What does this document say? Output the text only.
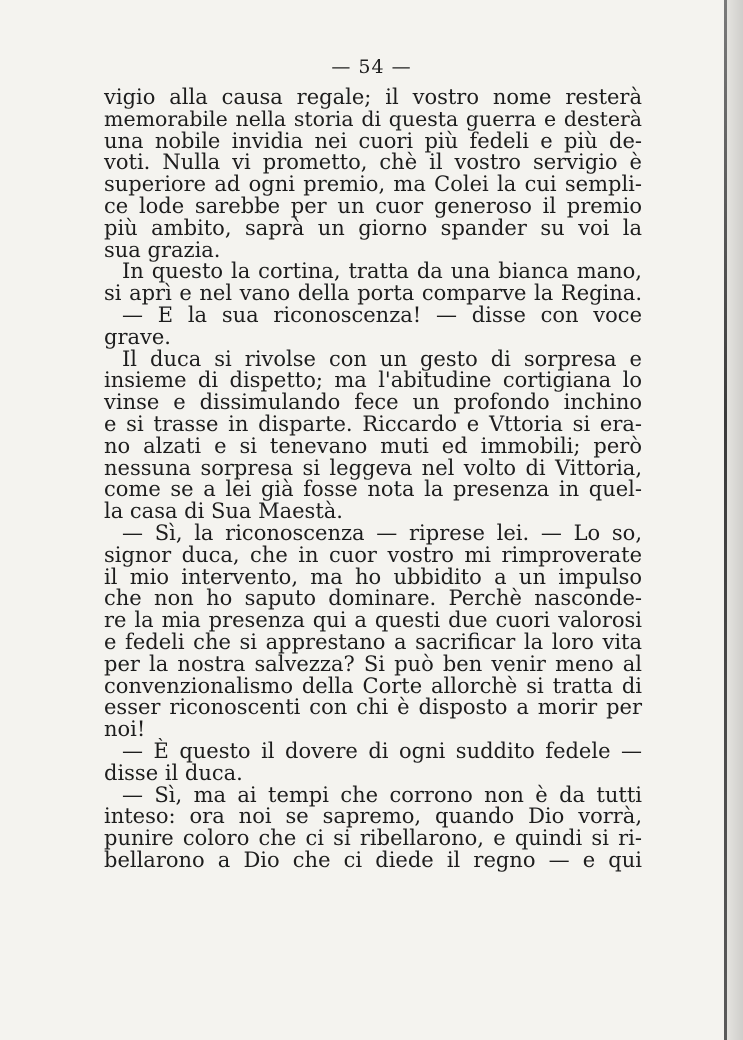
— 54 —
vigio alla causa regale; il vostro nome resterà
memorabile nella storia di questa guerra e desterà
una nobile invidia nei cuori più fedeli e più de-
voti. Nulla vi prometto, chè il vostro servigio è
superiore ad ogni premio, ma Colei la cui sempli-
ce lode sarebbe per un cuor generoso il premio
più ambito, saprà un giorno spander su voi la
sua grazia.
In questo la cortina, tratta da una bianca mano,
si aprì e nel vano della porta comparve la Regina.
— E la sua riconoscenza! — disse con voce
grave.
Il duca si rivolse con un gesto di sorpresa e
insieme di dispetto; ma l'abitudine cortigiana lo
vinse e dissimulando fece un profondo inchino
e si trasse in disparte. Riccardo e Vttoria si era-
no alzati e si tenevano muti ed immobili; però
nessuna sorpresa si leggeva nel volto di Vittoria,
come se a lei già fosse nota la presenza in quel-
la casa di Sua Maestà.
— Sì, la riconoscenza — riprese lei. — Lo so,
signor duca, che in cuor vostro mi rimproverate
il mio intervento, ma ho ubbidito a un impulso
che non ho saputo dominare. Perchè nasconde-
re la mia presenza qui a questi due cuori valorosi
e fedeli che si apprestano a sacrificar la loro vita
per la nostra salvezza? Si può ben venir meno al
convenzionalismo della Corte allorchè si tratta di
esser riconoscenti con chi è disposto a morir per
noi!
— È questo il dovere di ogni suddito fedele —
disse il duca.
— Sì, ma ai tempi che corrono non è da tutti
inteso: ora noi se sapremo, quando Dio vorrà,
punire coloro che ci si ribellarono, e quindi si ri-
bellarono a Dio che ci diede il regno — e qui
